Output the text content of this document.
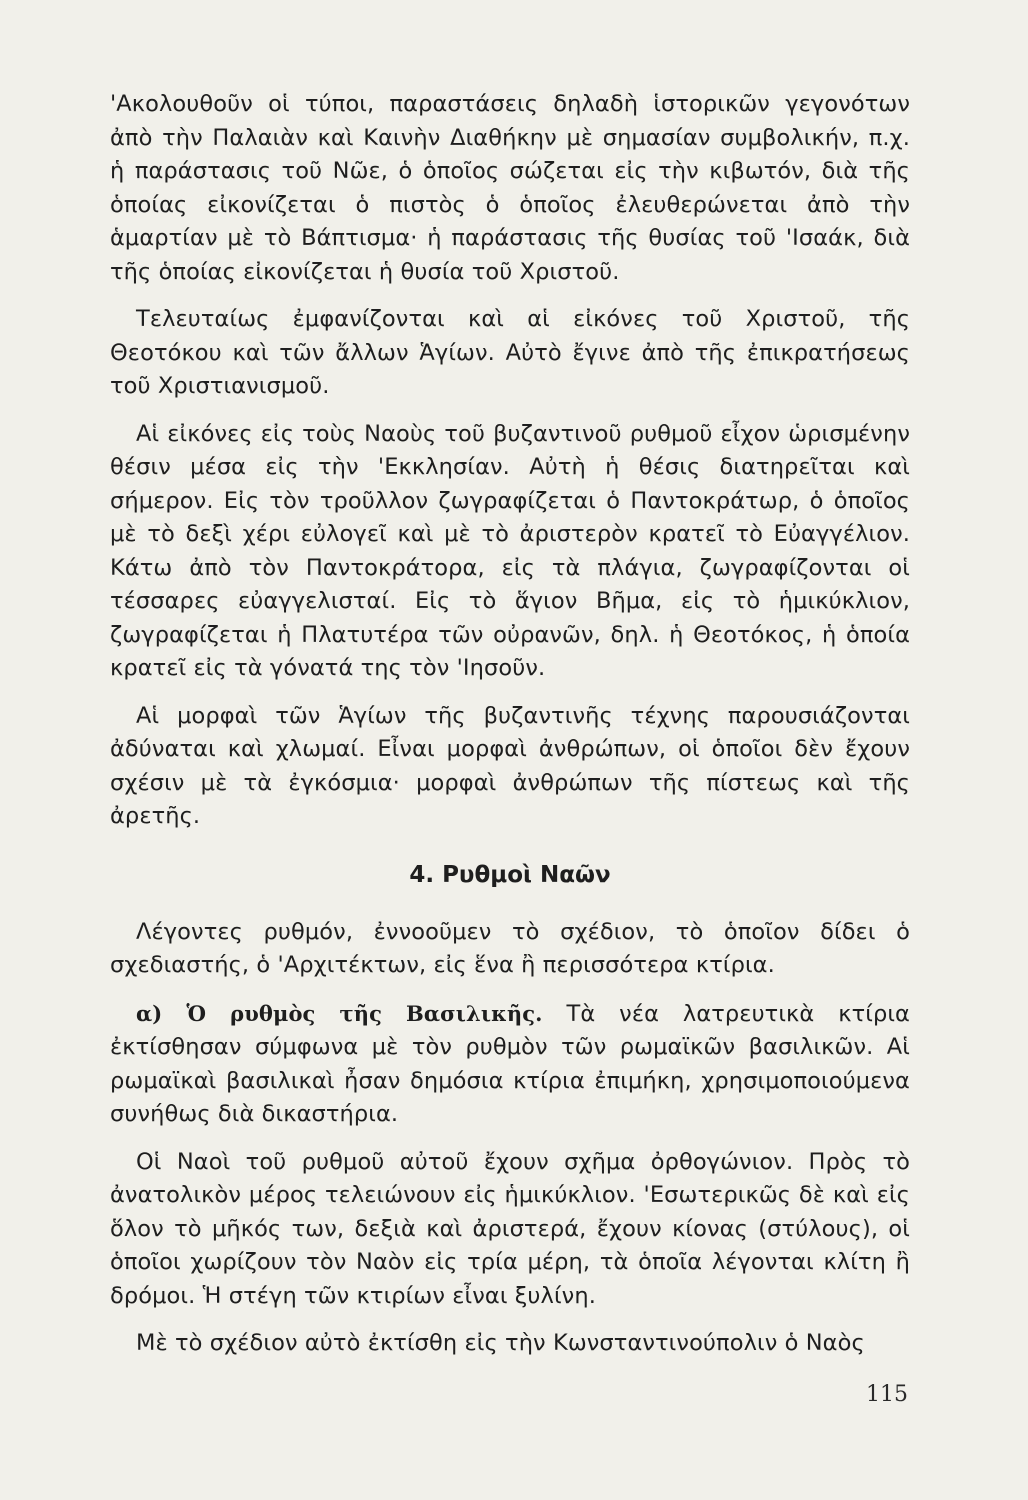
'Ακολουθοῦν οἱ τύποι, παραστάσεις δηλαδὴ ἱστορικῶν γεγονότων ἀπὸ τὴν Παλαιὰν καὶ Καινὴν Διαθήκην μὲ σημασίαν συμβολικήν, π.χ. ἡ παράστασις τοῦ Νῶε, ὁ ὁποῖος σώζεται εἰς τὴν κιβωτόν, διὰ τῆς ὁποίας εἰκονίζεται ὁ πιστὸς ὁ ὁποῖος ἐλευθερώνεται ἀπὸ τὴν ἁμαρτίαν μὲ τὸ Βάπτισμα· ἡ παράστασις τῆς θυσίας τοῦ 'Ισαάκ, διὰ τῆς ὁποίας εἰκονίζεται ἡ θυσία τοῦ Χριστοῦ.

Τελευταίως ἐμφανίζονται καὶ αἱ εἰκόνες τοῦ Χριστοῦ, τῆς Θεοτόκου καὶ τῶν ἄλλων Ἁγίων. Αὐτὸ ἔγινε ἀπὸ τῆς ἐπικρατήσεως τοῦ Χριστιανισμοῦ.

Αἱ εἰκόνες εἰς τοὺς Ναοὺς τοῦ βυζαντινοῦ ρυθμοῦ εἶχον ὡρισμένην θέσιν μέσα εἰς τὴν 'Εκκλησίαν. Αὐτὴ ἡ θέσις διατηρεῖται καὶ σήμερον. Εἰς τὸν τροῦλλον ζωγραφίζεται ὁ Παντοκράτωρ, ὁ ὁποῖος μὲ τὸ δεξὶ χέρι εὐλογεῖ καὶ μὲ τὸ ἀριστερὸν κρατεῖ τὸ Εὐαγγέλιον. Κάτω ἀπὸ τὸν Παντοκράτορα, εἰς τὰ πλάγια, ζωγραφίζονται οἱ τέσσαρες εὐαγγελισταί. Εἰς τὸ ἅγιον Βῆμα, εἰς τὸ ἡμικύκλιον, ζωγραφίζεται ἡ Πλατυτέρα τῶν οὐρανῶν, δηλ. ἡ Θεοτόκος, ἡ ὁποία κρατεῖ εἰς τὰ γόνατά της τὸν 'Ιησοῦν.

Αἱ μορφαὶ τῶν Ἁγίων τῆς βυζαντινῆς τέχνης παρουσιάζονται ἀδύναται καὶ χλωμαί. Εἶναι μορφαὶ ἀνθρώπων, οἱ ὁποῖοι δὲν ἔχουν σχέσιν μὲ τὰ ἐγκόσμια· μορφαὶ ἀνθρώπων τῆς πίστεως καὶ τῆς ἀρετῆς.

4. Ρυθμοὶ Ναῶν

Λέγοντες ρυθμόν, ἐννοοῦμεν τὸ σχέδιον, τὸ ὁποῖον δίδει ὁ σχεδιαστής, ὁ 'Αρχιτέκτων, εἰς ἕνα ἢ περισσότερα κτίρια.

α) Ὁ ρυθμὸς τῆς Βασιλικῆς. Τὰ νέα λατρευτικὰ κτίρια ἐκτίσθησαν σύμφωνα μὲ τὸν ρυθμὸν τῶν ρωμαϊκῶν βασιλικῶν. Αἱ ρωμαϊκαὶ βασιλικαὶ ἦσαν δημόσια κτίρια ἐπιμήκη, χρησιμοποιούμενα συνήθως διὰ δικαστήρια.

Οἱ Ναοὶ τοῦ ρυθμοῦ αὐτοῦ ἔχουν σχῆμα ὀρθογώνιον. Πρὸς τὸ ἀνατολικὸν μέρος τελειώνουν εἰς ἡμικύκλιον. 'Εσωτερικῶς δὲ καὶ εἰς ὅλον τὸ μῆκός των, δεξιὰ καὶ ἀριστερά, ἔχουν κίονας (στύλους), οἱ ὁποῖοι χωρίζουν τὸν Ναὸν εἰς τρία μέρη, τὰ ὁποῖα λέγονται κλίτη ἢ δρόμοι. Ἡ στέγη τῶν κτιρίων εἶναι ξυλίνη.

Μὲ τὸ σχέδιον αὐτὸ ἐκτίσθη εἰς τὴν Κωνσταντινούπολιν ὁ Ναὸς

115
